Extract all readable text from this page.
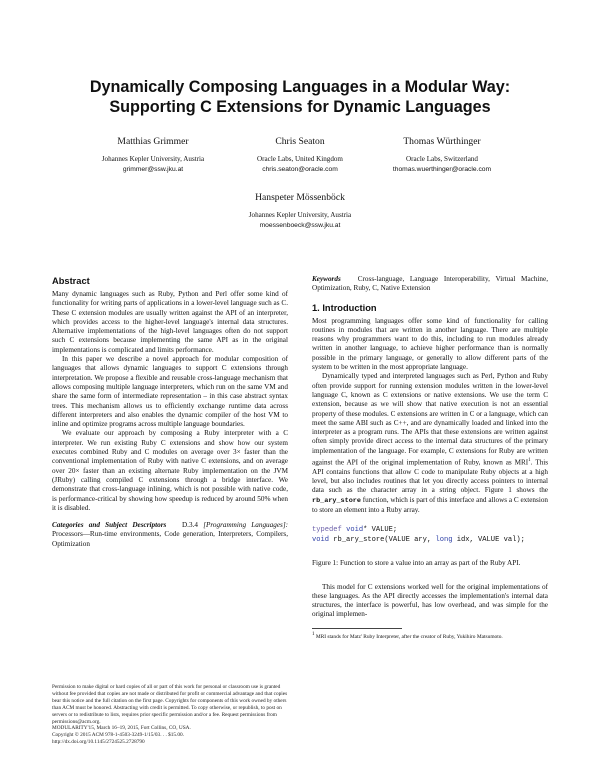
Dynamically Composing Languages in a Modular Way:
Supporting C Extensions for Dynamic Languages
Matthias Grimmer
Johannes Kepler University, Austria
grimmer@ssw.jku.at
Chris Seaton
Oracle Labs, United Kingdom
chris.seaton@oracle.com
Thomas Würthinger
Oracle Labs, Switzerland
thomas.wuerthinger@oracle.com
Hanspeter Mössenböck
Johannes Kepler University, Austria
moessenboeck@ssw.jku.at
Abstract

Many dynamic languages such as Ruby, Python and Perl offer some kind of functionality for writing parts of applications in a lower-level language such as C. These C extension modules are usually written against the API of an interpreter, which provides access to the higher-level language's internal data structures. Alternative implementations of the high-level languages often do not support such C extensions because implementing the same API as in the original implementations is complicated and limits performance.

In this paper we describe a novel approach for modular composition of languages that allows dynamic languages to support C extensions through interpretation. We propose a flexible and reusable cross-language mechanism that allows composing multiple language interpreters, which run on the same VM and share the same form of intermediate representation – in this case abstract syntax trees. This mechanism allows us to efficiently exchange runtime data across different interpreters and also enables the dynamic compiler of the host VM to inline and optimize programs across multiple language boundaries.

We evaluate our approach by composing a Ruby interpreter with a C interpreter. We run existing Ruby C extensions and show how our system executes combined Ruby and C modules on average over 3× faster than the conventional implementation of Ruby with native C extensions, and on average over 20× faster than an existing alternate Ruby implementation on the JVM (JRuby) calling compiled C extensions through a bridge interface. We demonstrate that cross-language inlining, which is not possible with native code, is performance-critical by showing how speedup is reduced by around 50% when it is disabled.

Categories and Subject Descriptors D.3.4 [Programming Languages]: Processors—Run-time environments, Code generation, Interpreters, Compilers, Optimization

Permission to make digital or hard copies of all or part of this work for personal or classroom use is granted without fee provided that copies are not made or distributed for profit or commercial advantage and that copies bear this notice and the full citation on the first page. Copyrights for components of this work owned by others than ACM must be honored. Abstracting with credit is permitted. To copy otherwise, or republish, to post on servers or to redistribute to lists, requires prior specific permission and/or a fee. Request permissions from permissions@acm.org.

MODULARITY'15, March 16–19, 2015, Fort Collins, CO, USA.

Copyright © 2015 ACM 978-1-4503-3249-1/15/03. . . $15.00.

http://dx.doi.org/10.1145/2724525.2728790

Keywords Cross-language, Language Interoperability, Virtual Machine, Optimization, Ruby, C, Native Extension

1. Introduction

Most programming languages offer some kind of functionality for calling routines in modules that are written in another language. There are multiple reasons why programmers want to do this, including to run modules already written in another language, to achieve higher performance than is normally possible in the primary language, or generally to allow different parts of the system to be written in the most appropriate language.

Dynamically typed and interpreted languages such as Perl, Python and Ruby often provide support for running extension modules written in the lower-level language C, known as C extensions or native extensions. We use the term C extension, because as we will show that native execution is not an essential property of these modules. C extensions are written in C or a language, which can meet the same ABI such as C++, and are dynamically loaded and linked into the interpreter as a program runs. The APIs that these extensions are written against often simply provide direct access to the internal data structures of the primary implementation of the language. For example, C extensions for Ruby are written against the API of the original implementation of Ruby, known as MRI$^1$. This API contains functions that allow C code to manipulate Ruby objects at a high level, but also includes routines that let you directly access pointers to internal data such as the character array in a string object. Figure 1 shows the rb_ary_store function, which is part of this interface and allows a C extension to store an element into a Ruby array.

typedef void* VALUE;
void rb_ary_store(VALUE ary, long idx, VALUE val);

Figure 1: Function to store a value into an array as part of the Ruby API.

This model for C extensions worked well for the original implementations of these languages. As the API directly accesses the implementation's internal data structures, the interface is powerful, has low overhead, and was simple for the original implemen-

$^1$ MRI stands for Matz' Ruby Interpreter, after the creator of Ruby, Yukihiro Matsumoto.
